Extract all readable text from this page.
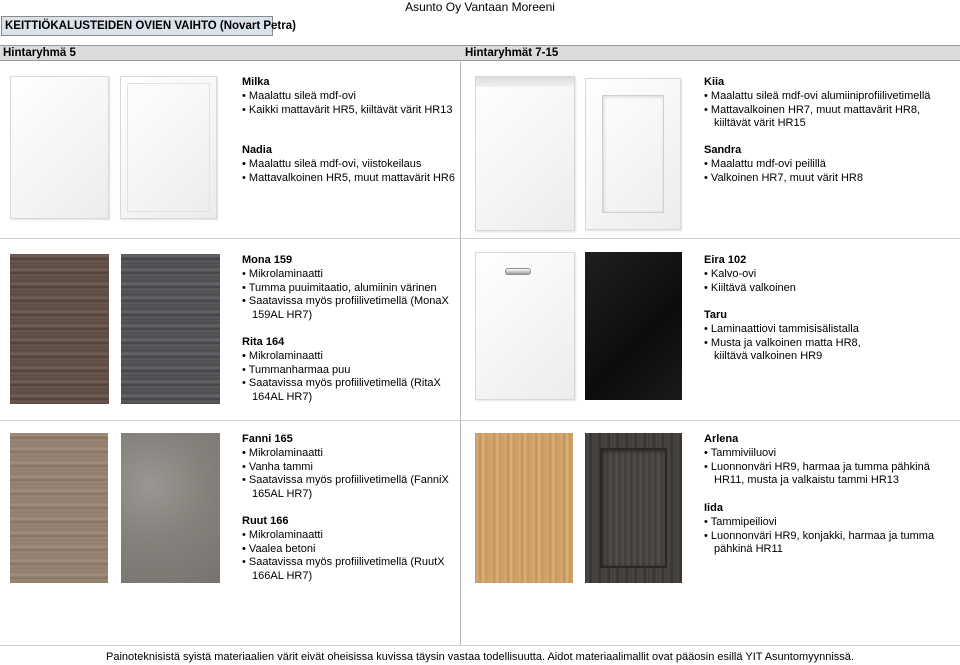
Asunto Oy Vantaan Moreeni
KEITTIÖKALUSTEIDEN OVIEN VAIHTO (Novart Petra)
Hintaryhmä 5	Hintaryhmät 7-15
Milka
• Maalattu sileä mdf-ovi
• Kaikki mattavärit HR5, kiiltävät värit HR13
Nadia
• Maalattu sileä mdf-ovi, viistokeilaus
• Mattavalkoinen HR5, muut mattavärit HR6
Kiia
• Maalattu sileä mdf-ovi alumiiniprofiilivetimellä
• Mattavalkoinen HR7, muut mattavärit HR8, kiiltävät värit HR15
Sandra
• Maalattu mdf-ovi peilillä
• Valkoinen HR7, muut värit HR8
Mona 159
• Mikrolaminaatti
• Tumma puuimitaatio, alumiinin värinen
• Saatavissa myös profiilivetimellä (MonaX 159AL HR7)
Rita 164
• Mikrolaminaatti
• Tummanharmaa puu
• Saatavissa myös profiilivetimellä (RitaX 164AL HR7)
Eira 102
• Kalvo-ovi
• Kiiltävä valkoinen
Taru
• Laminaattiovi tammisisälistalla
• Musta ja valkoinen matta HR8, kiiltävä valkoinen HR9
Fanni 165
• Mikrolaminaatti
• Vanha tammi
• Saatavissa myös profiilivetimellä (FanniX 165AL HR7)
Ruut 166
• Mikrolaminaatti
• Vaalea betoni
• Saatavissa myös profiilivetimellä (RuutX 166AL HR7)
Arlena
• Tammiviiluovi
• Luonnonväri HR9, harmaa ja tumma pähkinä HR11, musta ja valkaistu tammi HR13
Iida
• Tammipeiliovi
• Luonnonväri HR9, konjakki, harmaa ja tumma pähkinä HR11
Painoteknisistä syistä materiaalien värit eivät oheisissa kuvissa täysin vastaa todellisuutta. Aidot materiaalimallit ovat pääosin esillä YIT Asuntomyynnissä.
